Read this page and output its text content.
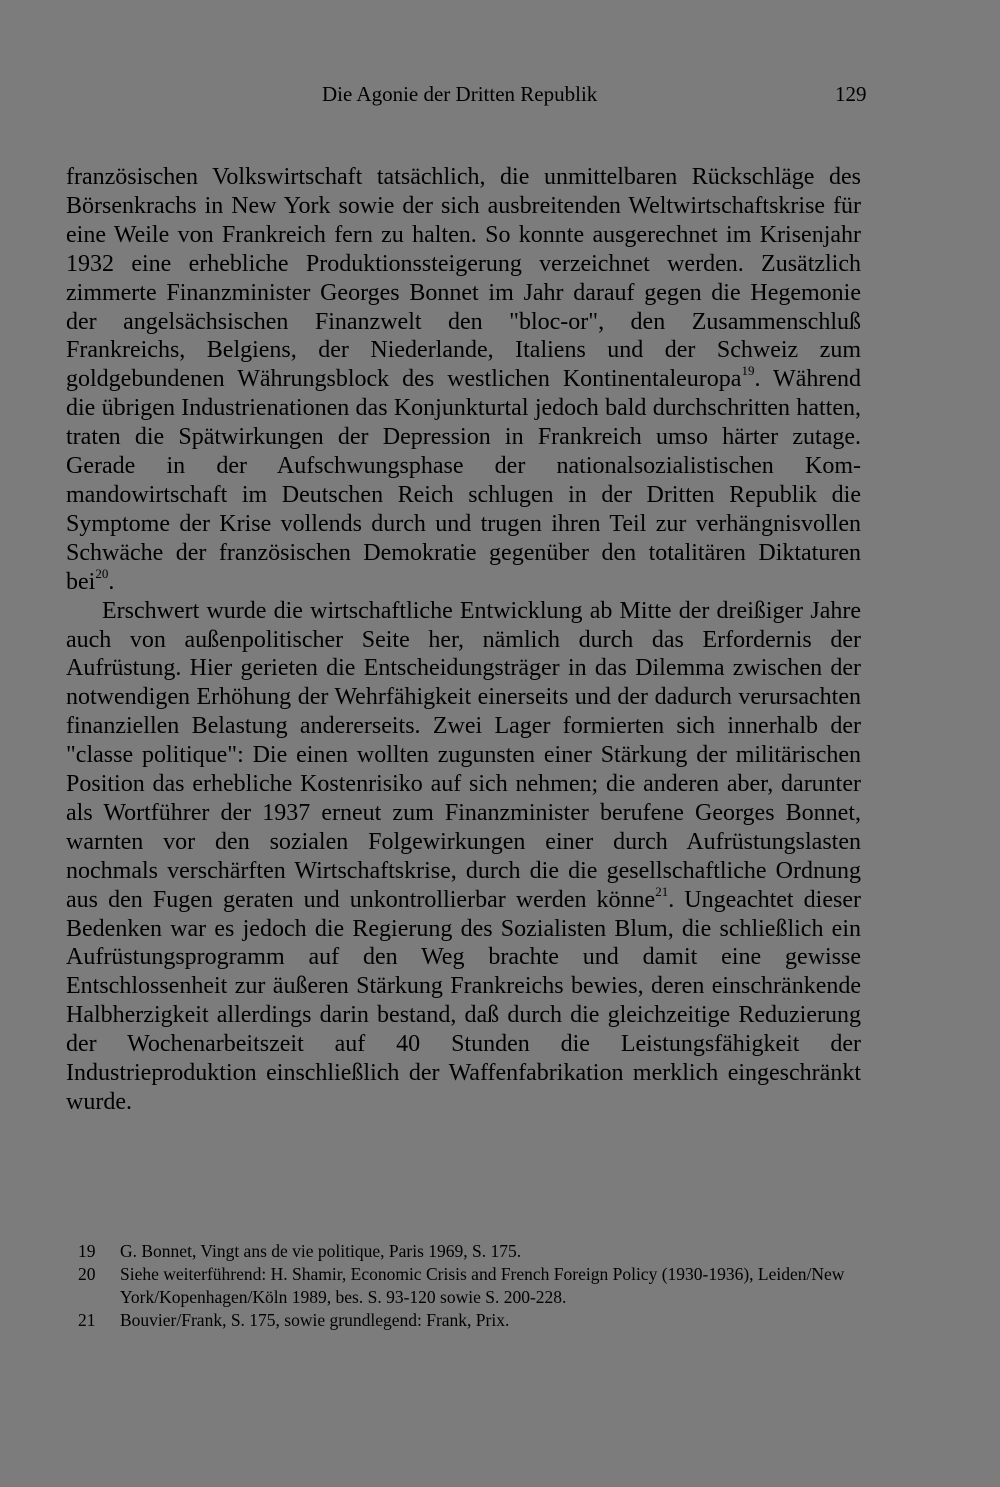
Die Agonie der Dritten Republik	129

französischen Volkswirtschaft tatsächlich, die unmittelbaren Rückschläge des Börsenkrachs in New York sowie der sich ausbreitenden Weltwirtschaftskrise für eine Weile von Frankreich fern zu halten. So konnte ausgerechnet im Krisenjahr 1932 eine erhebliche Produktionssteigerung verzeichnet werden. Zusätzlich zimmerte Finanzminister Georges Bonnet im Jahr darauf gegen die Hegemonie der angelsächsischen Finanzwelt den "bloc-or", den Zusammenschluß Frankreichs, Belgiens, der Niederlande, Italiens und der Schweiz zum goldgebundenen Währungsblock des westlichen Kontinentaleuropa$^{19}$. Während die übrigen Industrienationen das Konjunkturtal jedoch bald durchschritten hatten, traten die Spätwirkungen der Depression in Frankreich umso härter zutage. Gerade in der Aufschwungsphase der nationalsozialistischen Kommandowirtschaft im Deutschen Reich schlugen in der Dritten Republik die Symptome der Krise vollends durch und trugen ihren Teil zur verhängnisvollen Schwäche der französischen Demokratie gegenüber den totalitären Diktaturen bei$^{20}$.

Erschwert wurde die wirtschaftliche Entwicklung ab Mitte der dreißiger Jahre auch von außenpolitischer Seite her, nämlich durch das Erfordernis der Aufrüstung. Hier gerieten die Entscheidungsträger in das Dilemma zwischen der notwendigen Erhöhung der Wehrfähigkeit einerseits und der dadurch verursachten finanziellen Belastung andererseits. Zwei Lager formierten sich innerhalb der "classe politique": Die einen wollten zugunsten einer Stärkung der militärischen Position das erhebliche Kostenrisiko auf sich nehmen; die anderen aber, darunter als Wortführer der 1937 erneut zum Finanzminister berufene Georges Bonnet, warnten vor den sozialen Folgewirkungen einer durch Aufrüstungslasten nochmals verschärften Wirtschaftskrise, durch die die gesellschaftliche Ordnung aus den Fugen geraten und unkontrollierbar werden könne$^{21}$. Ungeachtet dieser Bedenken war es jedoch die Regierung des Sozialisten Blum, die schließlich ein Aufrüstungsprogramm auf den Weg brachte und damit eine gewisse Entschlossenheit zur äußeren Stärkung Frankreichs bewies, deren einschränkende Halbherzigkeit allerdings darin bestand, daß durch die gleichzeitige Reduzierung der Wochenarbeitszeit auf 40 Stunden die Leistungsfähigkeit der Industrieproduktion einschließlich der Waffenfabrikation merklich eingeschränkt wurde.

19	G. Bonnet, Vingt ans de vie politique, Paris 1969, S. 175.
20	Siehe weiterführend: H. Shamir, Economic Crisis and French Foreign Policy (1930-1936), Leiden/New York/Kopenhagen/Köln 1989, bes. S. 93-120 sowie S. 200-228.
21	Bouvier/Frank, S. 175, sowie grundlegend: Frank, Prix.
